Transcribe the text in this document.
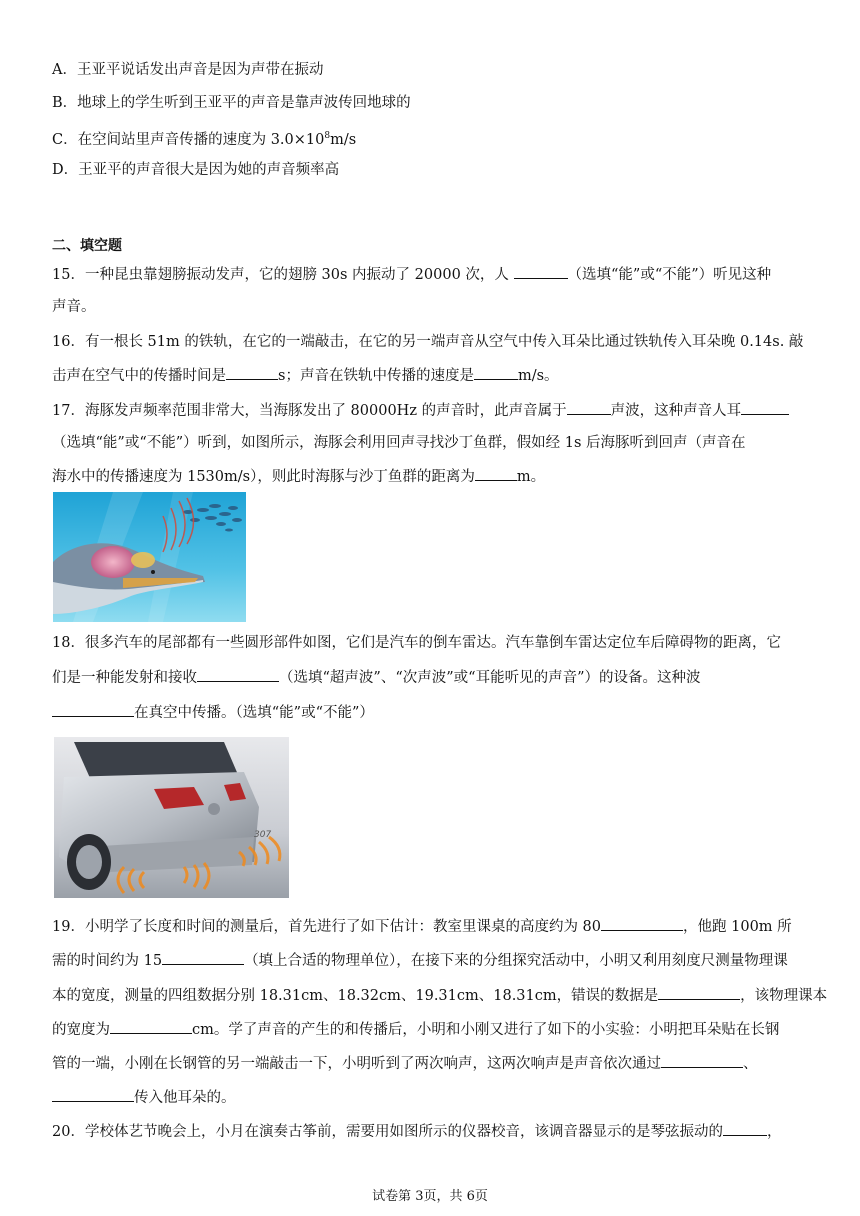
A．王亚平说话发出声音是因为声带在振动
B．地球上的学生听到王亚平的声音是靠声波传回地球的
C．在空间站里声音传播的速度为 $3.0\times 10^8m/s$
D．王亚平的声音很大是因为她的声音频率高
二、填空题
15．一种昆虫靠翅膀振动发声，它的翅膀 30s 内振动了 20000 次，人	（选填“能”或“不能”）听见这种
声音。
16．有一根长 51m 的铁轨，在它的一端敲击，在它的另一端声音从空气中传入耳朵比通过铁轨传入耳朵晚 0.14s. 敲
击声在空气中的传播时间是	s；声音在铁轨中传播的速度是	m/s。
17．海豚发声频率范围非常大，当海豚发出了 80000Hz 的声音时，此声音属于	声波，这种声音人耳
（选填“能”或“不能”）听到，如图所示，海豚会利用回声寻找沙丁鱼群，假如经 1s 后海豚听到回声（声音在
海水中的传播速度为 1530m/s），则此时海豚与沙丁鱼群的距离为	m。
18．很多汽车的尾部都有一些圆形部件如图，它们是汽车的倒车雷达。汽车靠倒车雷达定位车后障碍物的距离，它
们是一种能发射和接收	（选填“超声波”、“次声波”或“耳能听见的声音”）的设备。这种波
在真空中传播。（选填“能”或“不能”）
307
19．小明学了长度和时间的测量后，首先进行了如下估计：教室里课桌的高度约为 80	，他跑 100m 所
需的时间约为 15	（填上合适的物理单位），在接下来的分组探究活动中，小明又利用刻度尺测量物理课
本的宽度，测量的四组数据分别 18.31cm、18.32cm、19.31cm、18.31cm，错误的数据是	，该物理课本
的宽度为	cm。学了声音的产生的和传播后，小明和小刚又进行了如下的小实验：小明把耳朵贴在长钢
管的一端，小刚在长钢管的另一端敲击一下，小明听到了两次响声，这两次响声是声音依次通过	、
传入他耳朵的。
20．学校体艺节晚会上，小月在演奏古筝前，需要用如图所示的仪器校音，该调音器显示的是琴弦振动的	，
试卷第 3页，共 6页
